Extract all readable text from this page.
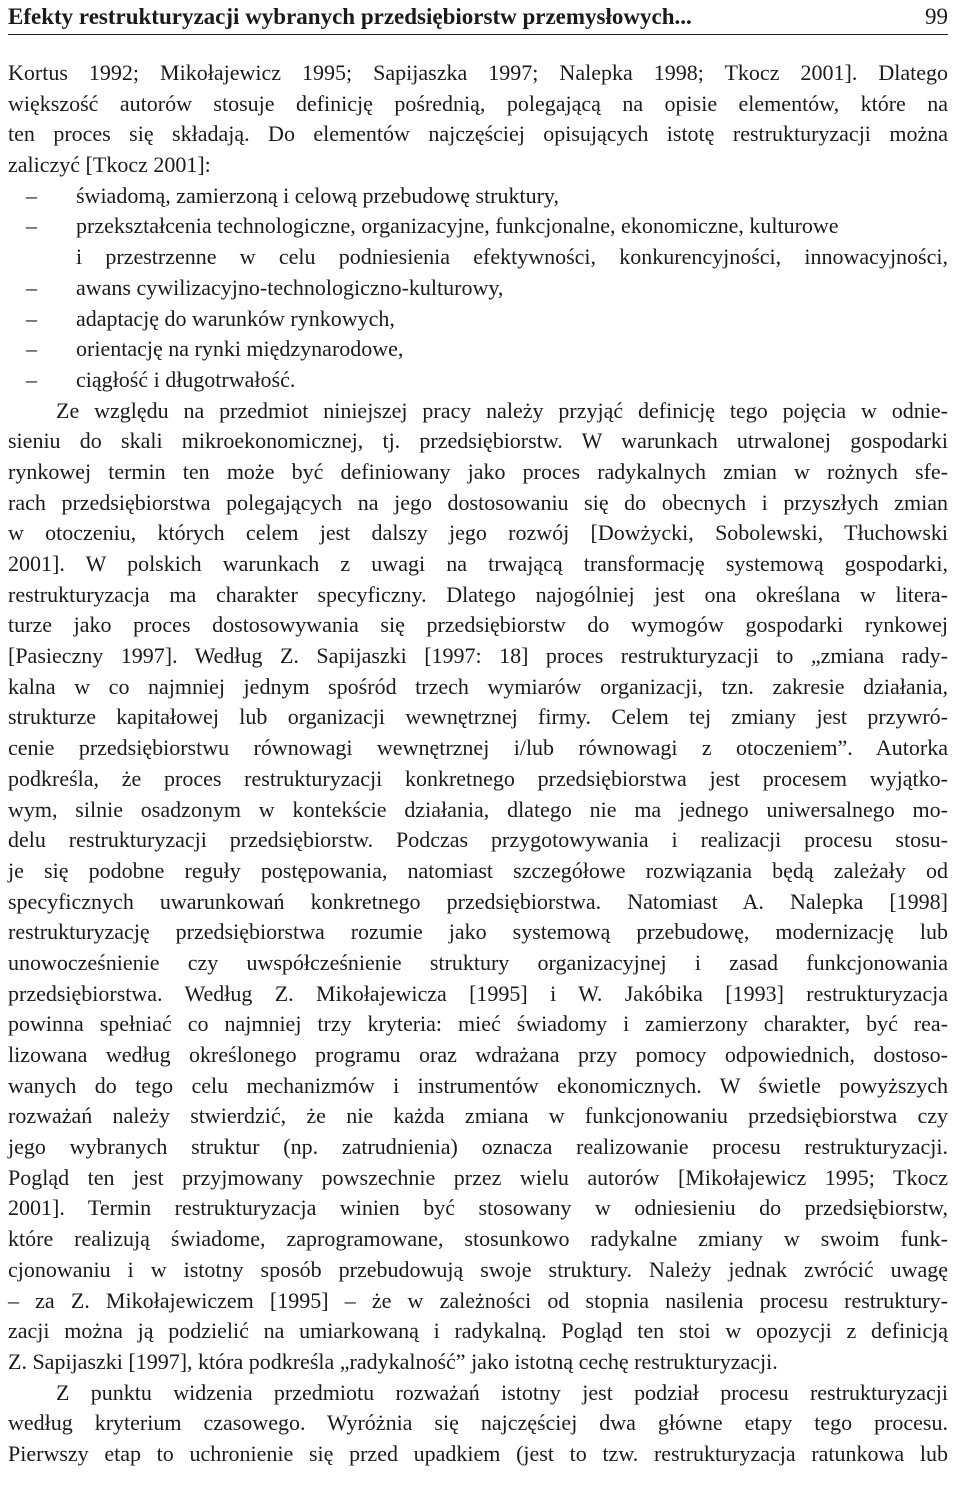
Efekty restrukturyzacji wybranych przedsiębiorstw przemysłowych...	99
Kortus 1992; Mikołajewicz 1995; Sapijaszka 1997; Nalepka 1998; Tkocz 2001]. Dlatego
większość autorów stosuje definicję pośrednią, polegającą na opisie elementów, które na
ten proces się składają. Do elementów najczęściej opisujących istotę restrukturyzacji można
zaliczyć [Tkocz 2001]:
– świadomą, zamierzoną i celową przebudowę struktury,
– przekształcenia technologiczne, organizacyjne, funkcjonalne, ekonomiczne, kulturowe
i przestrzenne w celu podniesienia efektywności, konkurencyjności, innowacyjności,
– awans cywilizacyjno-technologiczno-kulturowy,
– adaptację do warunków rynkowych,
– orientację na rynki międzynarodowe,
– ciągłość i długotrwałość.
Ze względu na przedmiot niniejszej pracy należy przyjąć definicję tego pojęcia w odnie-
sieniu do skali mikroekonomicznej, tj. przedsiębiorstw. W warunkach utrwalonej gospodarki
rynkowej termin ten może być definiowany jako proces radykalnych zmian w rożnych sfe-
rach przedsiębiorstwa polegających na jego dostosowaniu się do obecnych i przyszłych zmian
w otoczeniu, których celem jest dalszy jego rozwój [Dowżycki, Sobolewski, Tłuchowski
2001]. W polskich warunkach z uwagi na trwającą transformację systemową gospodarki,
restrukturyzacja ma charakter specyficzny. Dlatego najogólniej jest ona określana w litera-
turze jako proces dostosowywania się przedsiębiorstw do wymogów gospodarki rynkowej
[Pasieczny 1997]. Według Z. Sapijaszki [1997: 18] proces restrukturyzacji to „zmiana rady-
kalna w co najmniej jednym spośród trzech wymiarów organizacji, tzn. zakresie działania,
strukturze kapitałowej lub organizacji wewnętrznej firmy. Celem tej zmiany jest przywró-
cenie przedsiębiorstwu równowagi wewnętrznej i/lub równowagi z otoczeniem”. Autorka
podkreśla, że proces restrukturyzacji konkretnego przedsiębiorstwa jest procesem wyjątko-
wym, silnie osadzonym w kontekście działania, dlatego nie ma jednego uniwersalnego mo-
delu restrukturyzacji przedsiębiorstw. Podczas przygotowywania i realizacji procesu stosu-
je się podobne reguły postępowania, natomiast szczegółowe rozwiązania będą zależały od
specyficznych uwarunkowań konkretnego przedsiębiorstwa. Natomiast A. Nalepka [1998]
restrukturyzację przedsiębiorstwa rozumie jako systemową przebudowę, modernizację lub
unowocześnienie czy uwspółcześnienie struktury organizacyjnej i zasad funkcjonowania
przedsiębiorstwa. Według Z. Mikołajewicza [1995] i W. Jakóbika [1993] restrukturyzacja
powinna spełniać co najmniej trzy kryteria: mieć świadomy i zamierzony charakter, być rea-
lizowana według określonego programu oraz wdrażana przy pomocy odpowiednich, dostoso-
wanych do tego celu mechanizmów i instrumentów ekonomicznych. W świetle powyższych
rozważań należy stwierdzić, że nie każda zmiana w funkcjonowaniu przedsiębiorstwa czy
jego wybranych struktur (np. zatrudnienia) oznacza realizowanie procesu restrukturyzacji.
Pogląd ten jest przyjmowany powszechnie przez wielu autorów [Mikołajewicz 1995; Tkocz
2001]. Termin restrukturyzacja winien być stosowany w odniesieniu do przedsiębiorstw,
które realizują świadome, zaprogramowane, stosunkowo radykalne zmiany w swoim funk-
cjonowaniu i w istotny sposób przebudowują swoje struktury. Należy jednak zwrócić uwagę
– za Z. Mikołajewiczem [1995] – że w zależności od stopnia nasilenia procesu restruktury-
zacji można ją podzielić na umiarkowaną i radykalną. Pogląd ten stoi w opozycji z definicją
Z. Sapijaszki [1997], która podkreśla „radykalność” jako istotną cechę restrukturyzacji.
Z punktu widzenia przedmiotu rozważań istotny jest podział procesu restrukturyzacji
według kryterium czasowego. Wyróżnia się najczęściej dwa główne etapy tego procesu.
Pierwszy etap to uchronienie się przed upadkiem (jest to tzw. restrukturyzacja ratunkowa lub
